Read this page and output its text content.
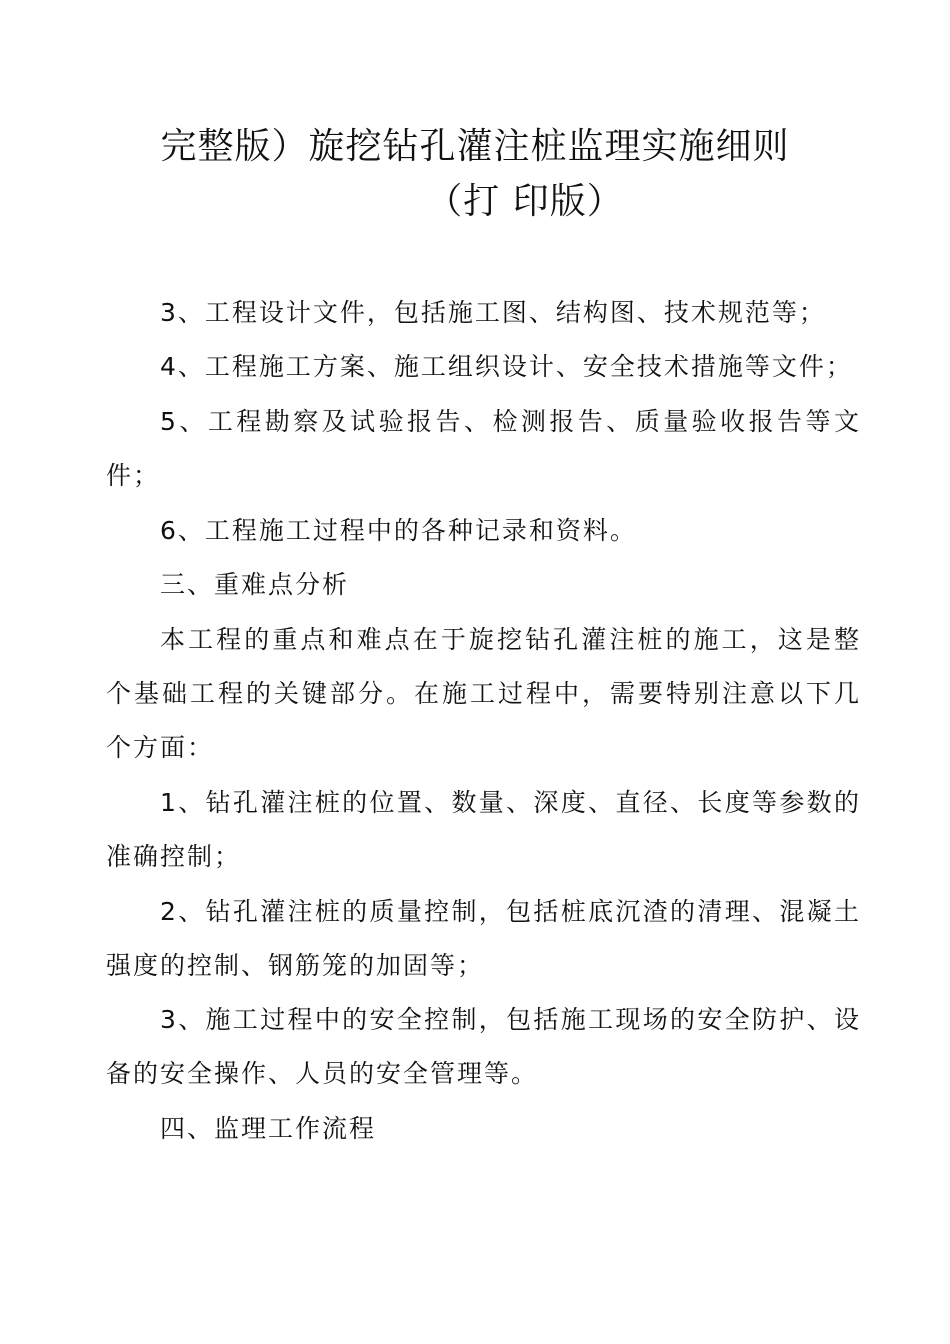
完整版）旋挖钻孔灌注桩监理实施细则
（打 印版）
3、工程设计文件，包括施工图、结构图、技术规范等；
4、工程施工方案、施工组织设计、安全技术措施等文件；
5、工程勘察及试验报告、检测报告、质量验收报告等文件；
6、工程施工过程中的各种记录和资料。
三、重难点分析
本工程的重点和难点在于旋挖钻孔灌注桩的施工，这是整个基础工程的关键部分。在施工过程中，需要特别注意以下几个方面：
1、钻孔灌注桩的位置、数量、深度、直径、长度等参数的准确控制；
2、钻孔灌注桩的质量控制，包括桩底沉渣的清理、混凝土强度的控制、钢筋笼的加固等；
3、施工过程中的安全控制，包括施工现场的安全防护、设备的安全操作、人员的安全管理等。
四、监理工作流程
